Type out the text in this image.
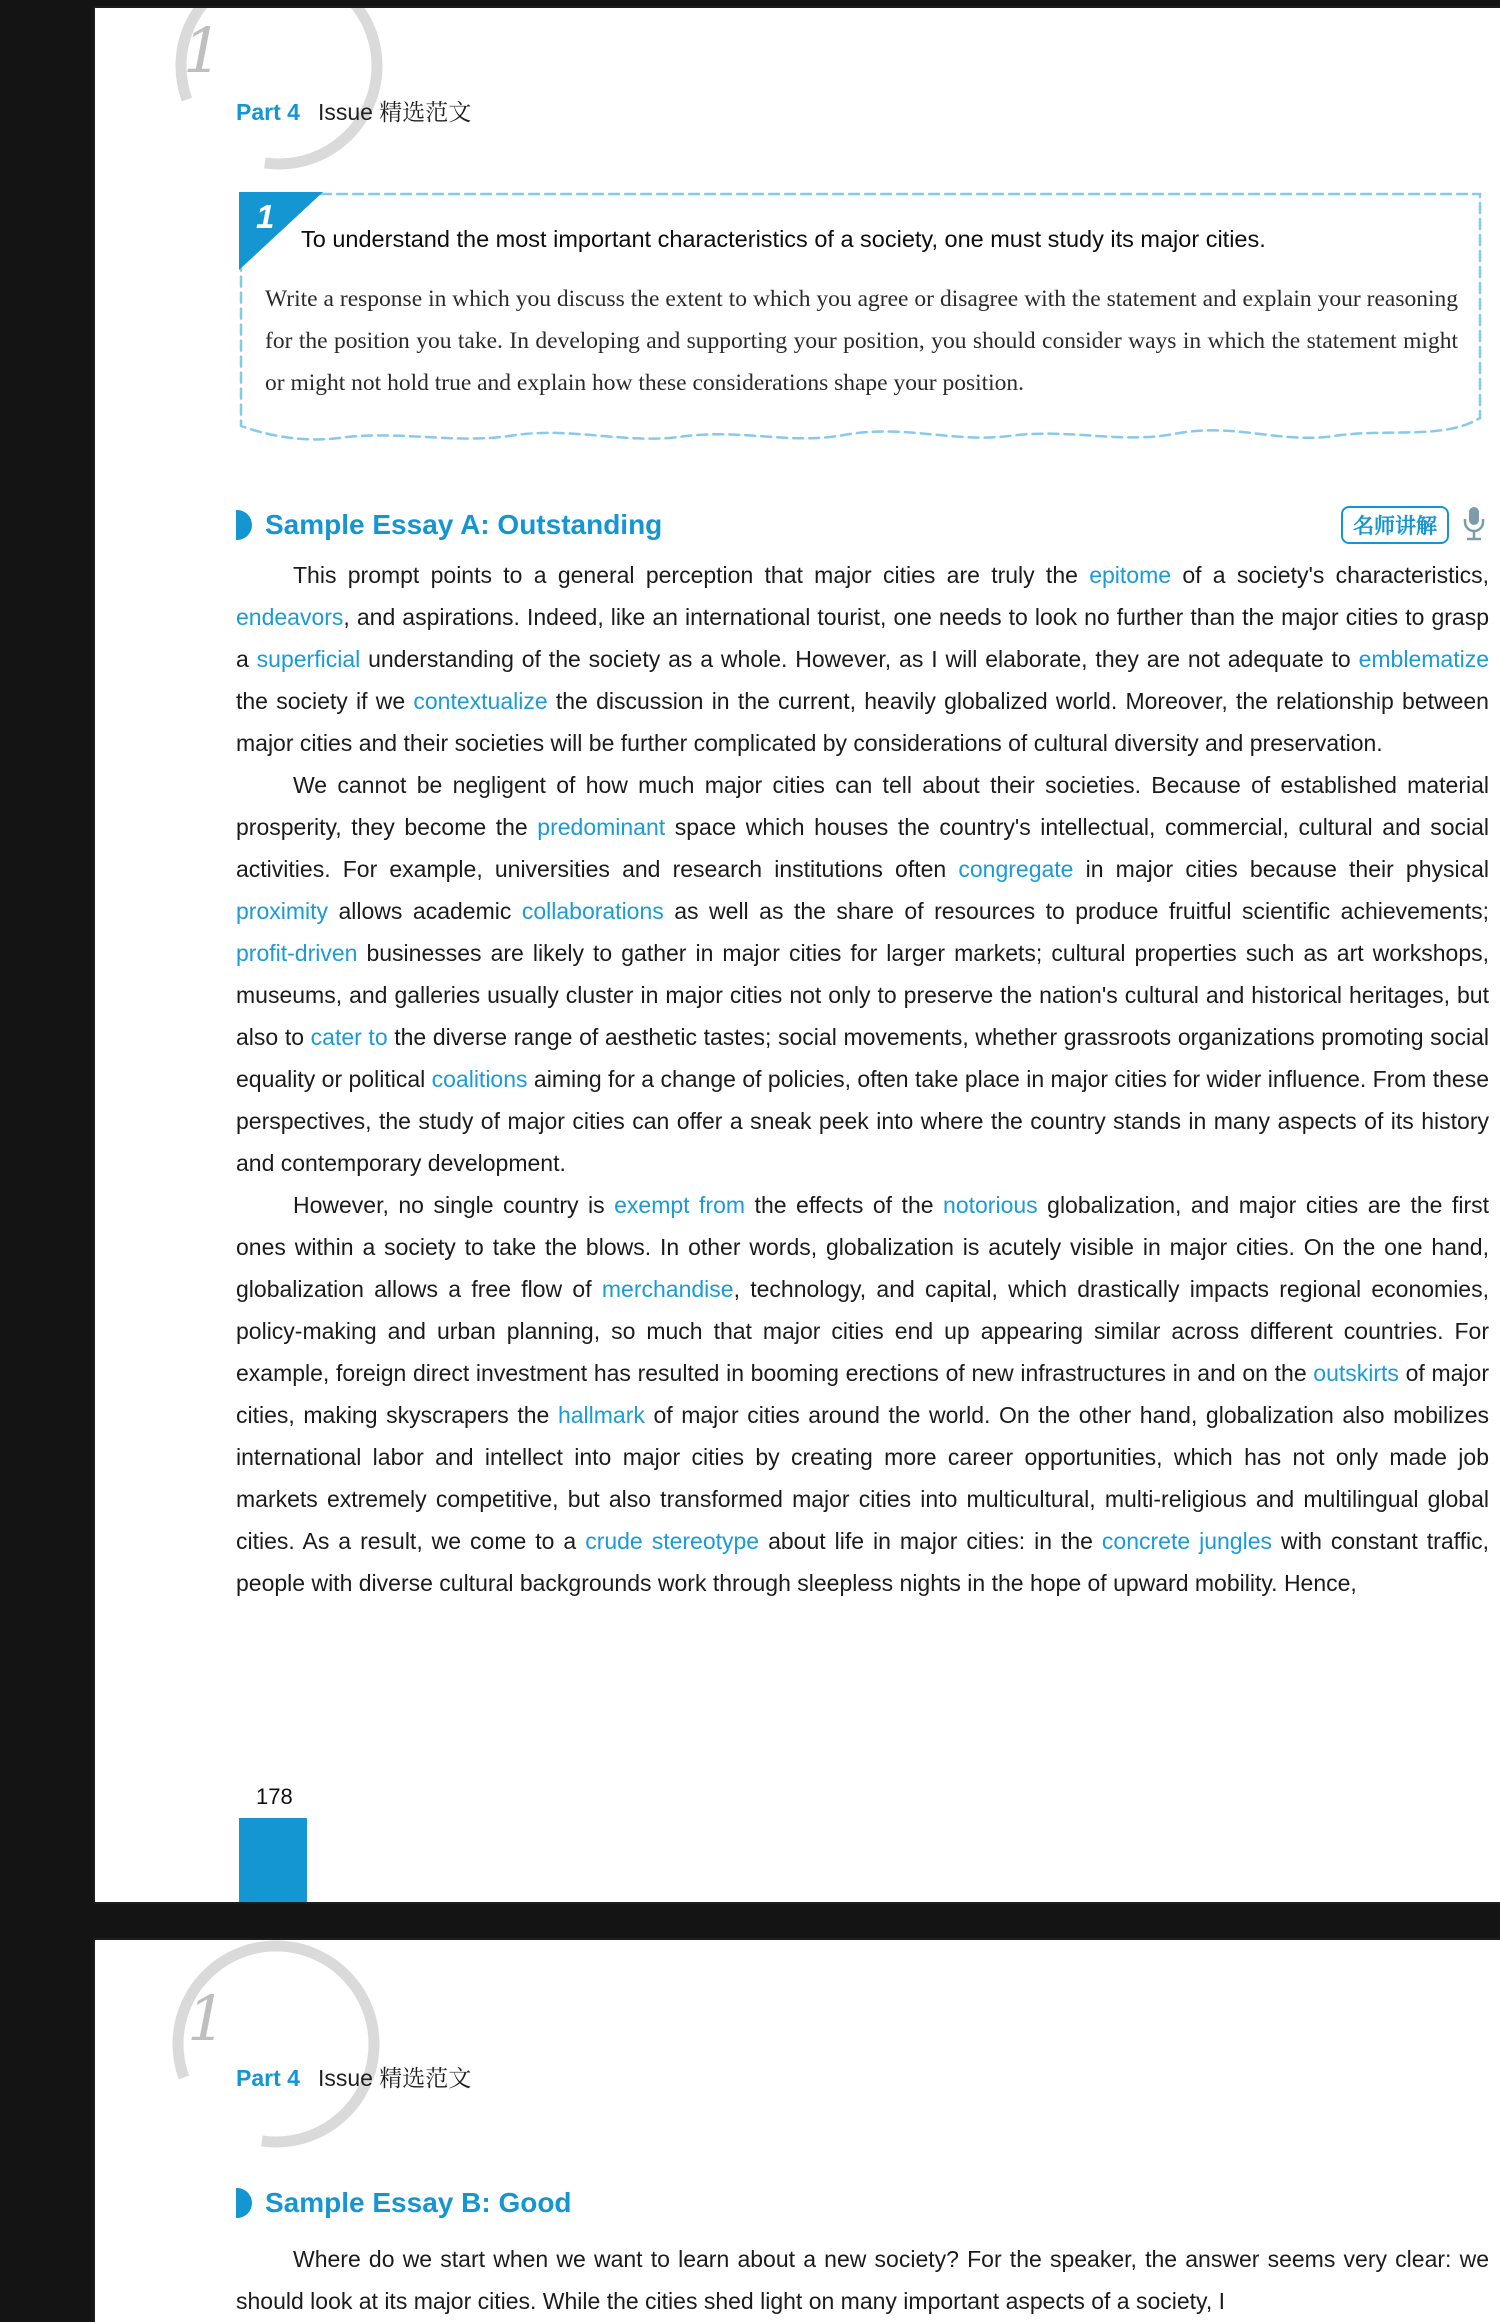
1
Part 4 Issue 精选范文
1

To understand the most important characteristics of a society, one must study its major cities.

Write a response in which you discuss the extent to which you agree or disagree with the statement and explain your reasoning for the position you take. In developing and supporting your position, you should consider ways in which the statement might or might not hold true and explain how these considerations shape your position.

Sample Essay A: Outstanding	名师讲解

This prompt points to a general perception that major cities are truly the epitome of a society's characteristics, endeavors, and aspirations. Indeed, like an international tourist, one needs to look no further than the major cities to grasp a superficial understanding of the society as a whole. However, as I will elaborate, they are not adequate to emblematize the society if we contextualize the discussion in the current, heavily globalized world. Moreover, the relationship between major cities and their societies will be further complicated by considerations of cultural diversity and preservation.

We cannot be negligent of how much major cities can tell about their societies. Because of established material prosperity, they become the predominant space which houses the country's intellectual, commercial, cultural and social activities. For example, universities and research institutions often congregate in major cities because their physical proximity allows academic collaborations as well as the share of resources to produce fruitful scientific achievements; profit-driven businesses are likely to gather in major cities for larger markets; cultural properties such as art workshops, museums, and galleries usually cluster in major cities not only to preserve the nation's cultural and historical heritages, but also to cater to the diverse range of aesthetic tastes; social movements, whether grassroots organizations promoting social equality or political coalitions aiming for a change of policies, often take place in major cities for wider influence. From these perspectives, the study of major cities can offer a sneak peek into where the country stands in many aspects of its history and contemporary development.

However, no single country is exempt from the effects of the notorious globalization, and major cities are the first ones within a society to take the blows. In other words, globalization is acutely visible in major cities. On the one hand, globalization allows a free flow of merchandise, technology, and capital, which drastically impacts regional economies, policy-making and urban planning, so much that major cities end up appearing similar across different countries. For example, foreign direct investment has resulted in booming erections of new infrastructures in and on the outskirts of major cities, making skyscrapers the hallmark of major cities around the world. On the other hand, globalization also mobilizes international labor and intellect into major cities by creating more career opportunities, which has not only made job markets extremely competitive, but also transformed major cities into multicultural, multi-religious and multilingual global cities. As a result, we come to a crude stereotype about life in major cities: in the concrete jungles with constant traffic, people with diverse cultural backgrounds work through sleepless nights in the hope of upward mobility. Hence,

178
1
Part 4 Issue 精选范文
Sample Essay B: Good

Where do we start when we want to learn about a new society? For the speaker, the answer seems very clear: we should look at its major cities. While the cities shed light on many important aspects of a society, I
